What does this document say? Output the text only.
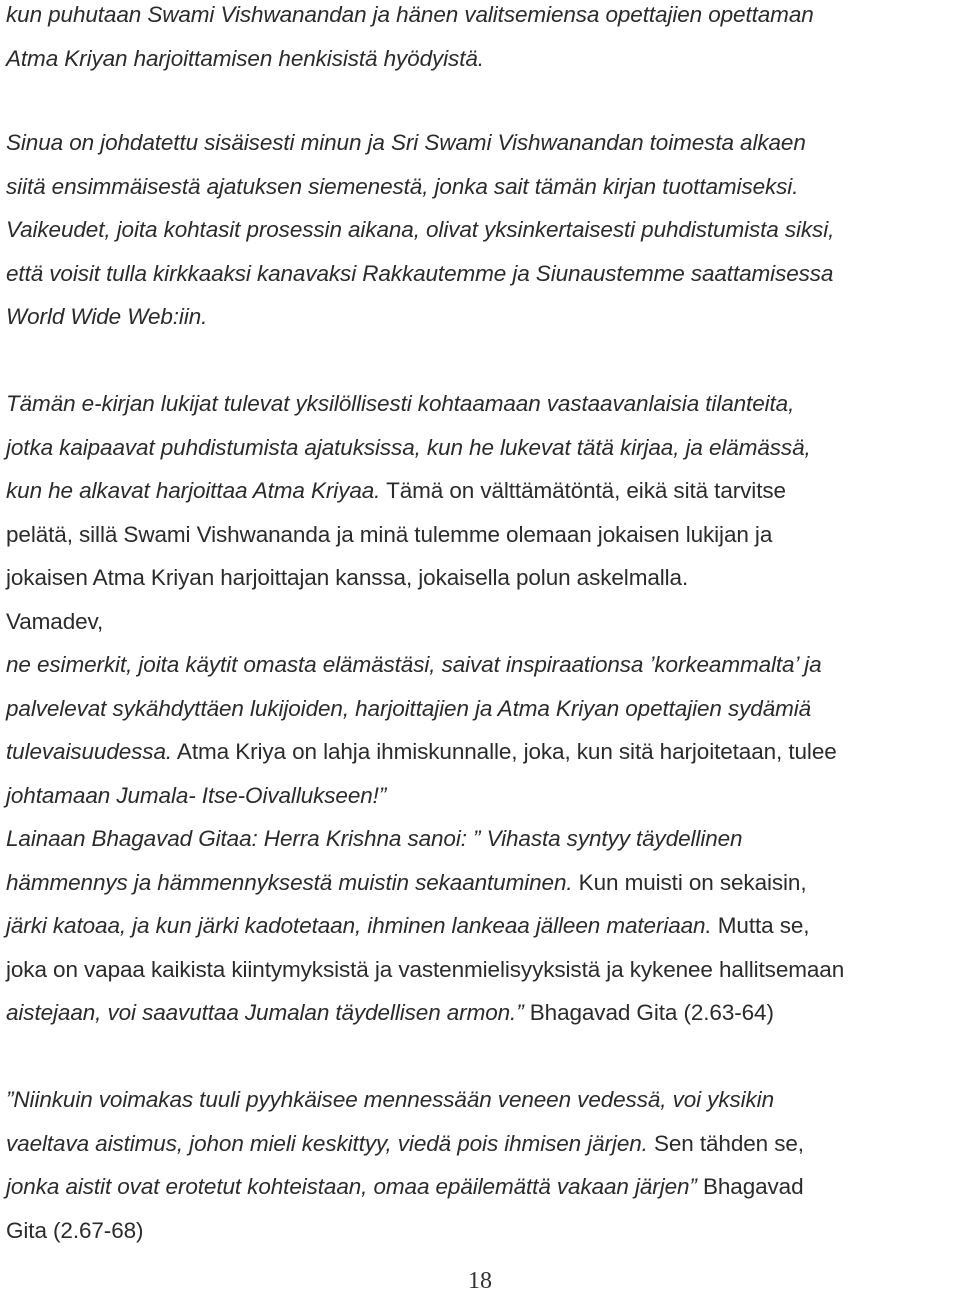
kun puhutaan Swami Vishwanandan ja hänen valitsemiensa opettajien opettaman
Atma Kriyan harjoittamisen henkisistä hyödyistä.
Sinua on johdatettu sisäisesti minun ja Sri Swami Vishwanandan toimesta alkaen
siitä ensimmäisestä ajatuksen siemenestä, jonka sait tämän kirjan tuottamiseksi.
Vaikeudet, joita kohtasit prosessin aikana, olivat yksinkertaisesti puhdistumista siksi,
että voisit tulla kirkkaaksi kanavaksi Rakkautemme ja Siunaustemme saattamisessa
World Wide Web:iin.
Tämän e-kirjan lukijat tulevat yksilöllisesti kohtaamaan vastaavanlaisia tilanteita,
jotka kaipaavat puhdistumista ajatuksissa, kun he lukevat tätä kirjaa, ja elämässä,
kun he alkavat harjoittaa Atma Kriyaa. Tämä on välttämätöntä, eikä sitä tarvitse
pelätä, sillä Swami Vishwananda ja minä tulemme olemaan jokaisen lukijan ja
jokaisen Atma Kriyan harjoittajan kanssa, jokaisella polun askelmalla.
Vamadev,
ne esimerkit, joita käytit omasta elämästäsi, saivat inspiraationsa ’korkeammalta’ ja
palvelevat sykähdyttäen lukijoiden, harjoittajien ja Atma Kriyan opettajien sydämiä
tulevaisuudessa. Atma Kriya on lahja ihmiskunnalle, joka, kun sitä harjoitetaan, tulee
johtamaan Jumala- Itse-Oivallukseen!”
Lainaan Bhagavad Gitaa: Herra Krishna sanoi: ” Vihasta syntyy täydellinen
hämmennys ja hämmennyksestä muistin sekaantuminen. Kun muisti on sekaisin,
järki katoaa, ja kun järki kadotetaan, ihminen lankeaa jälleen materiaan. Mutta se,
joka on vapaa kaikista kiintymyksistä ja vastenmielisyyksistä ja kykenee hallitsemaan
aistejaan, voi saavuttaa Jumalan täydellisen armon.” Bhagavad Gita (2.63-64)
”Niinkuin voimakas tuuli pyyhkäisee mennessään veneen vedessä, voi yksikin
vaeltava aistimus, johon mieli keskittyy, viedä pois ihmisen järjen. Sen tähden se,
jonka aistit ovat erotetut kohteistaan, omaa epäilemättä vakaan järjen” Bhagavad
Gita (2.67-68)
18
